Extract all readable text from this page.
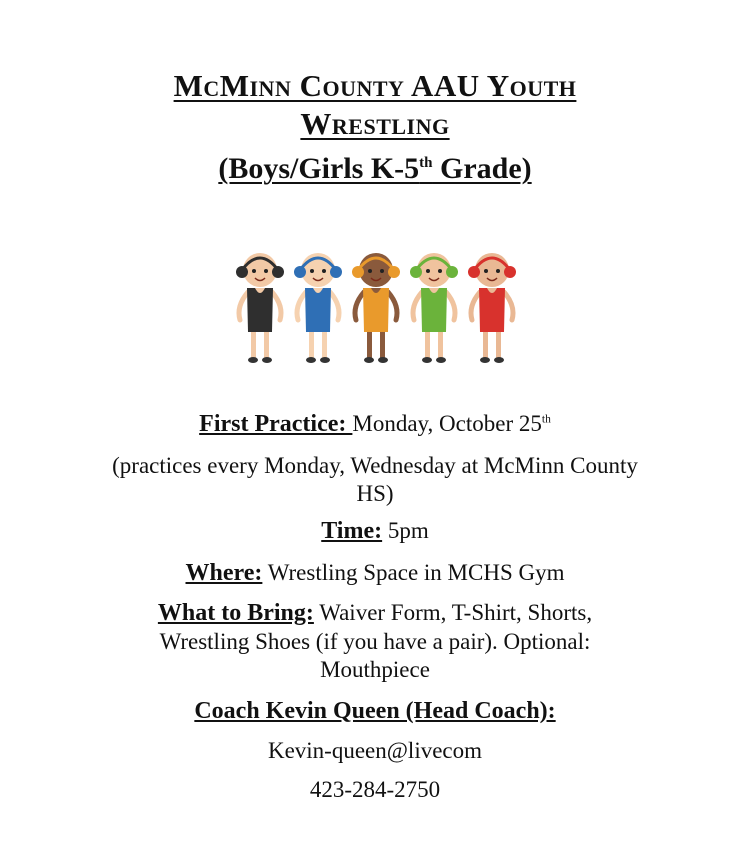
McMinn County AAU Youth
Wrestling
(Boys/Girls K-5th Grade)
First Practice: Monday, October 25th
(practices every Monday, Wednesday at McMinn County
HS)
Time: 5pm
Where: Wrestling Space in MCHS Gym
What to Bring: Waiver Form, T-Shirt, Shorts,
Wrestling Shoes (if you have a pair). Optional:
Mouthpiece
Coach Kevin Queen (Head Coach):
Kevin-queen@livecom
423-284-2750
